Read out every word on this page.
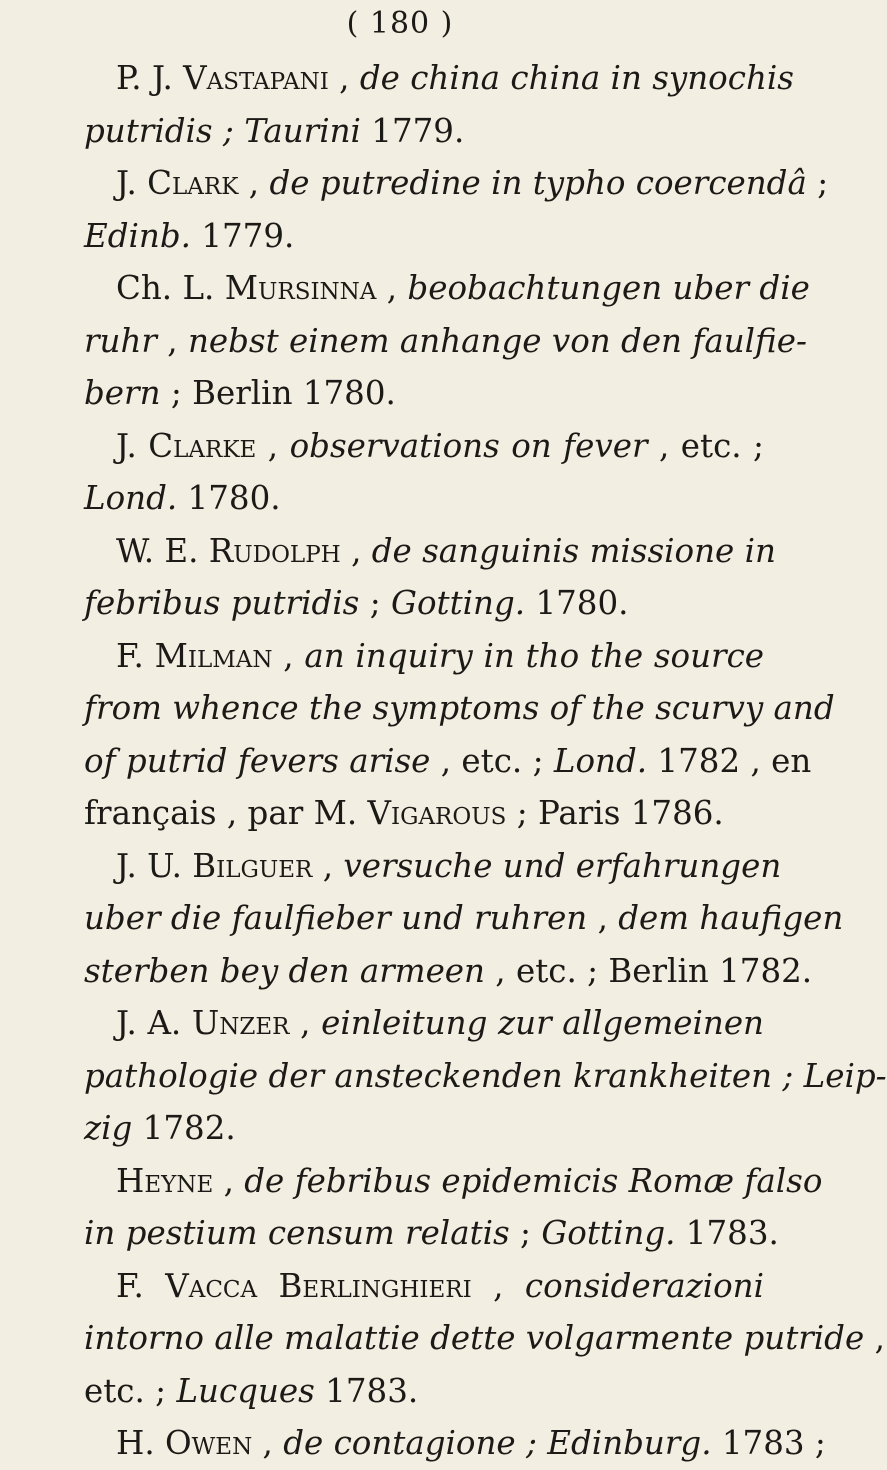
( 180 )
P. J. Vastapani , de china china in synochis
putridis ; Taurini 1779.
J. Clark , de putredine in typho coercendâ ;
Edinb. 1779.
Ch. L. Mursinna , beobachtungen uber die
ruhr , nebst einem anhange von den faulfie-
bern ; Berlin 1780.
J. Clarke , observations on fever , etc. ;
Lond. 1780.
W. E. Rudolph , de sanguinis missione in
febribus putridis ; Gotting. 1780.
F. Milman , an inquiry in tho the source
from whence the symptoms of the scurvy and
of putrid fevers arise , etc. ; Lond. 1782 , en
français , par M. Vigarous ; Paris 1786.
J. U. Bilguer , versuche und erfahrungen
uber die faulfieber und ruhren , dem haufigen
sterben bey den armeen , etc. ; Berlin 1782.
J. A. Unzer , einleitung zur allgemeinen
pathologie der ansteckenden krankheiten ; Leip-
zig 1782.
Heyne , de febribus epidemicis Romæ falso
in pestium censum relatis ; Gotting. 1783.
F. Vacca Berlinghieri , considerazioni
intorno alle malattie dette volgarmente putride ,
etc. ; Lucques 1783.
H. Owen , de contagione ; Edinburg. 1783 ;
